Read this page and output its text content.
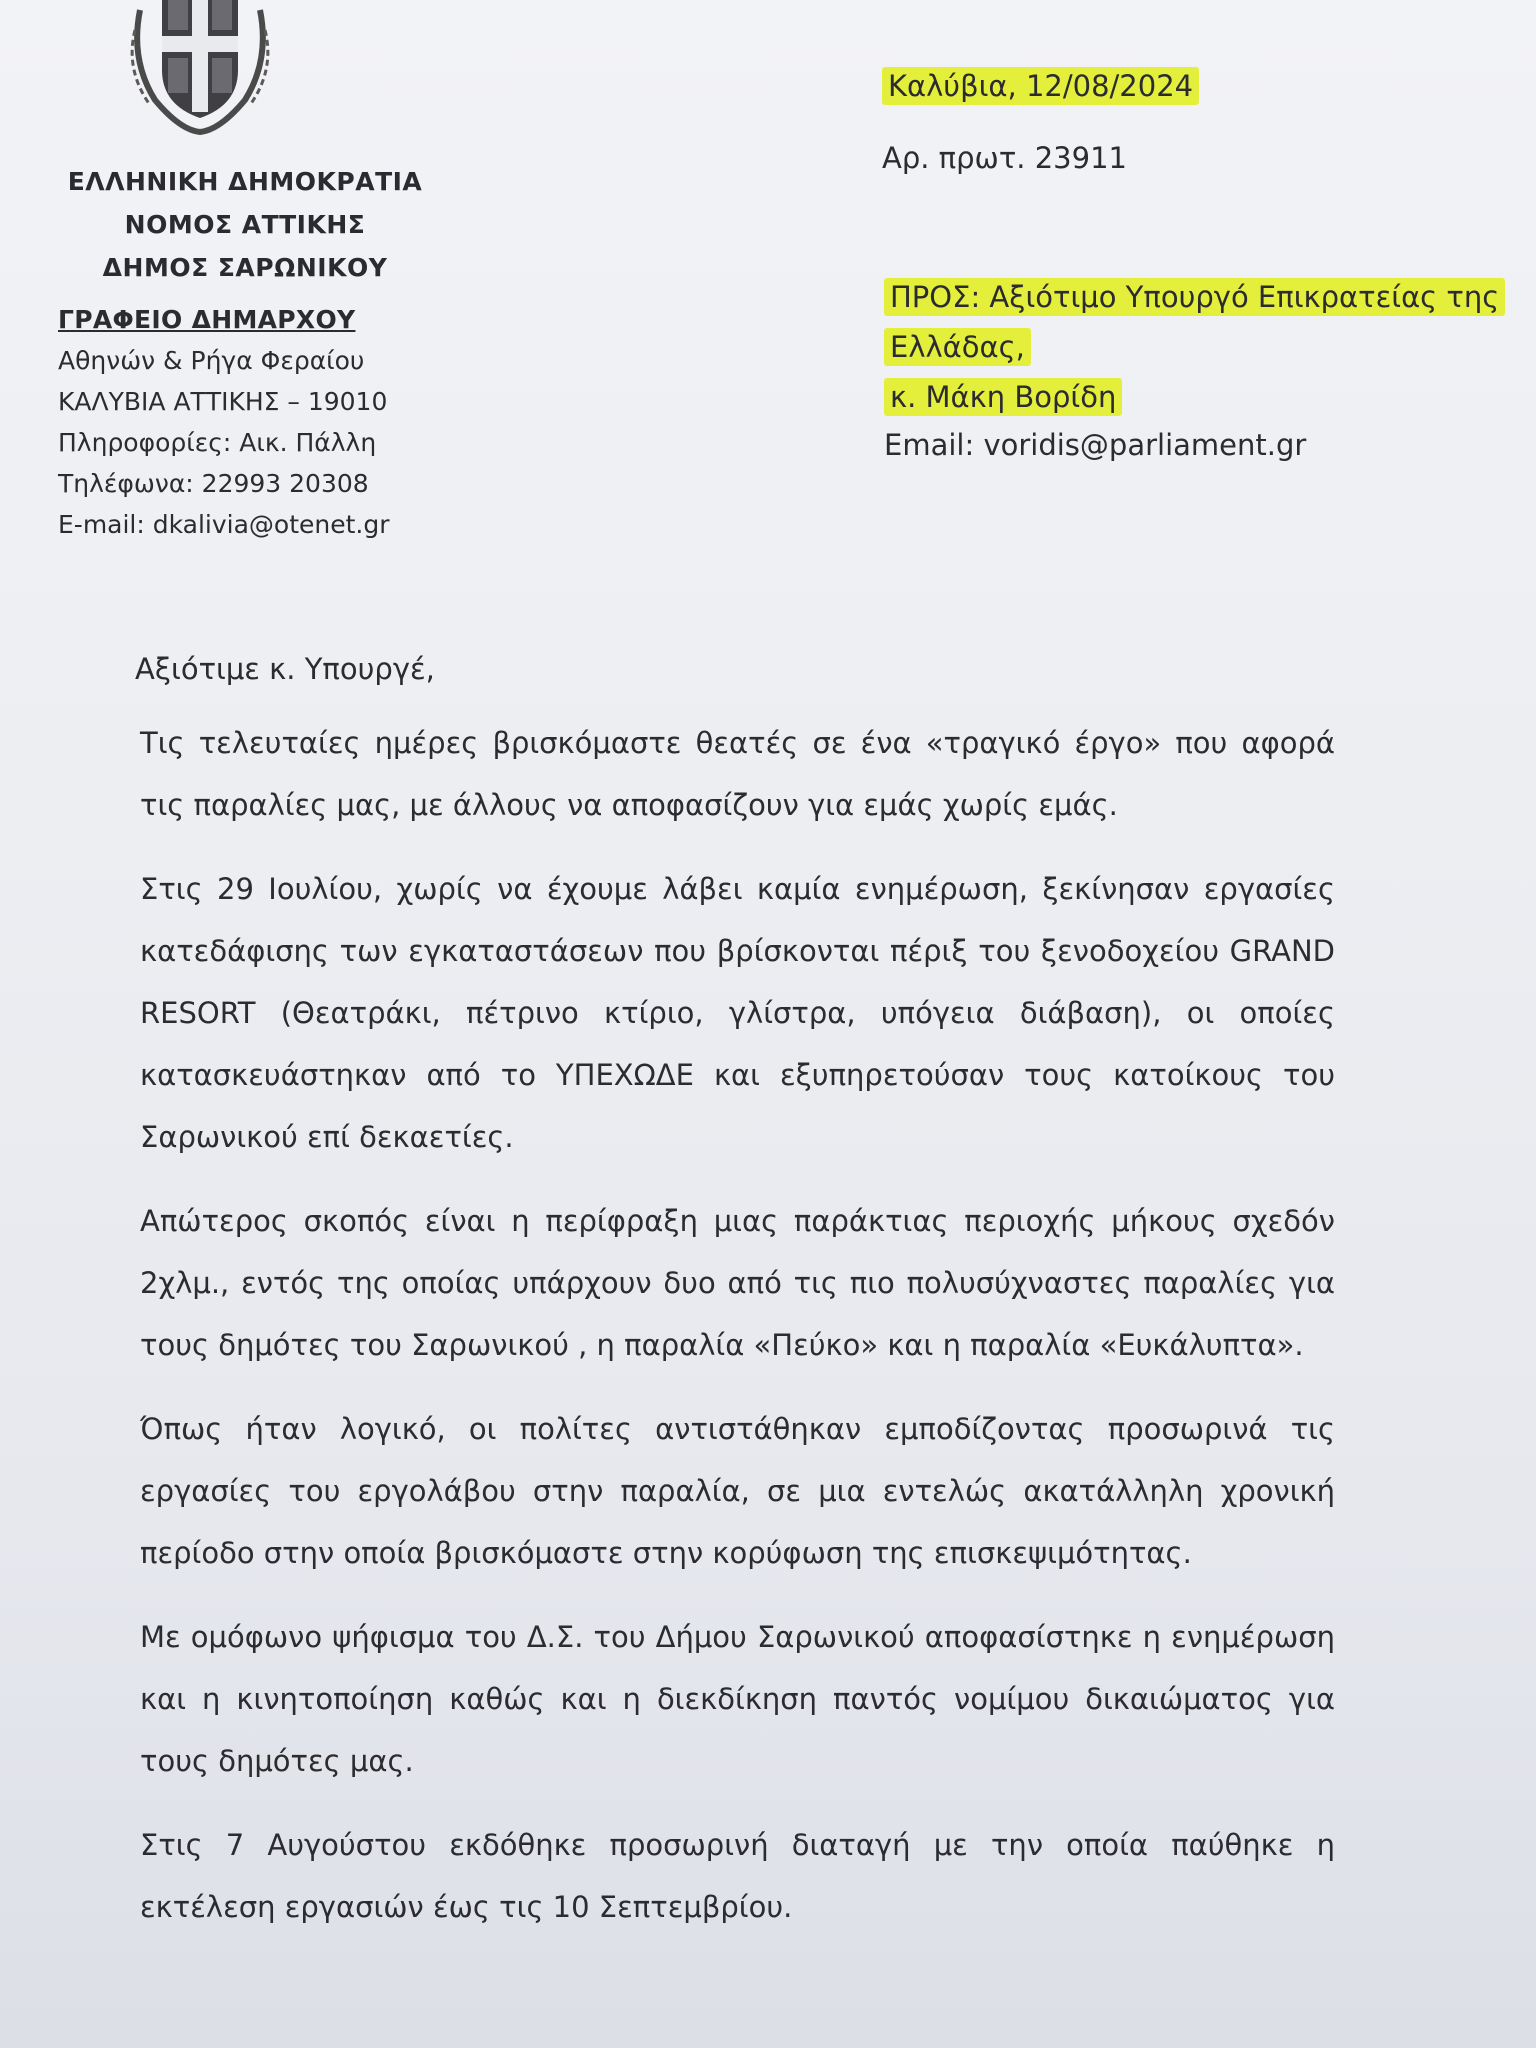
ΕΛΛΗΝΙΚΗ ΔΗΜΟΚΡΑΤΙΑ
ΝΟΜΟΣ ΑΤΤΙΚΗΣ
ΔΗΜΟΣ ΣΑΡΩΝΙΚΟΥ
ΓΡΑΦΕΙΟ ΔΗΜΑΡΧΟΥ
Αθηνών & Ρήγα Φεραίου
ΚΑΛΥΒΙΑ ΑΤΤΙΚΗΣ – 19010
Πληροφορίες: Αικ. Πάλλη
Τηλέφωνα: 22993 20308
E-mail: dkalivia@otenet.gr
Καλύβια, 12/08/2024
Αρ. πρωτ. 23911
ΠΡΟΣ: Αξιότιμο Υπουργό Επικρατείας της
Ελλάδας,
κ. Μάκη Βορίδη
Email: voridis@parliament.gr
Αξιότιμε κ. Υπουργέ,

Τις τελευταίες ημέρες βρισκόμαστε θεατές σε ένα «τραγικό έργο» που αφορά τις παραλίες μας, με άλλους να αποφασίζουν για εμάς χωρίς εμάς.

Στις 29 Ιουλίου, χωρίς να έχουμε λάβει καμία ενημέρωση, ξεκίνησαν εργασίες κατεδάφισης των εγκαταστάσεων που βρίσκονται πέριξ του ξενοδοχείου GRAND RESORT (Θεατράκι, πέτρινο κτίριο, γλίστρα, υπόγεια διάβαση), οι οποίες κατασκευάστηκαν από το ΥΠΕΧΩΔΕ και εξυπηρετούσαν τους κατοίκους του Σαρωνικού επί δεκαετίες.

Απώτερος σκοπός είναι η περίφραξη μιας παράκτιας περιοχής μήκους σχεδόν 2χλμ., εντός της οποίας υπάρχουν δυο από τις πιο πολυσύχναστες παραλίες για τους δημότες του Σαρωνικού , η παραλία «Πεύκο» και η παραλία «Ευκάλυπτα».

Όπως ήταν λογικό, οι πολίτες αντιστάθηκαν εμποδίζοντας προσωρινά τις εργασίες του εργολάβου στην παραλία, σε μια εντελώς ακατάλληλη χρονική περίοδο στην οποία βρισκόμαστε στην κορύφωση της επισκεψιμότητας.

Με ομόφωνο ψήφισμα του Δ.Σ. του Δήμου Σαρωνικού αποφασίστηκε η ενημέρωση και η κινητοποίηση καθώς και η διεκδίκηση παντός νομίμου δικαιώματος για τους δημότες μας.

Στις 7 Αυγούστου εκδόθηκε προσωρινή διαταγή με την οποία παύθηκε η εκτέλεση εργασιών έως τις 10 Σεπτεμβρίου.
